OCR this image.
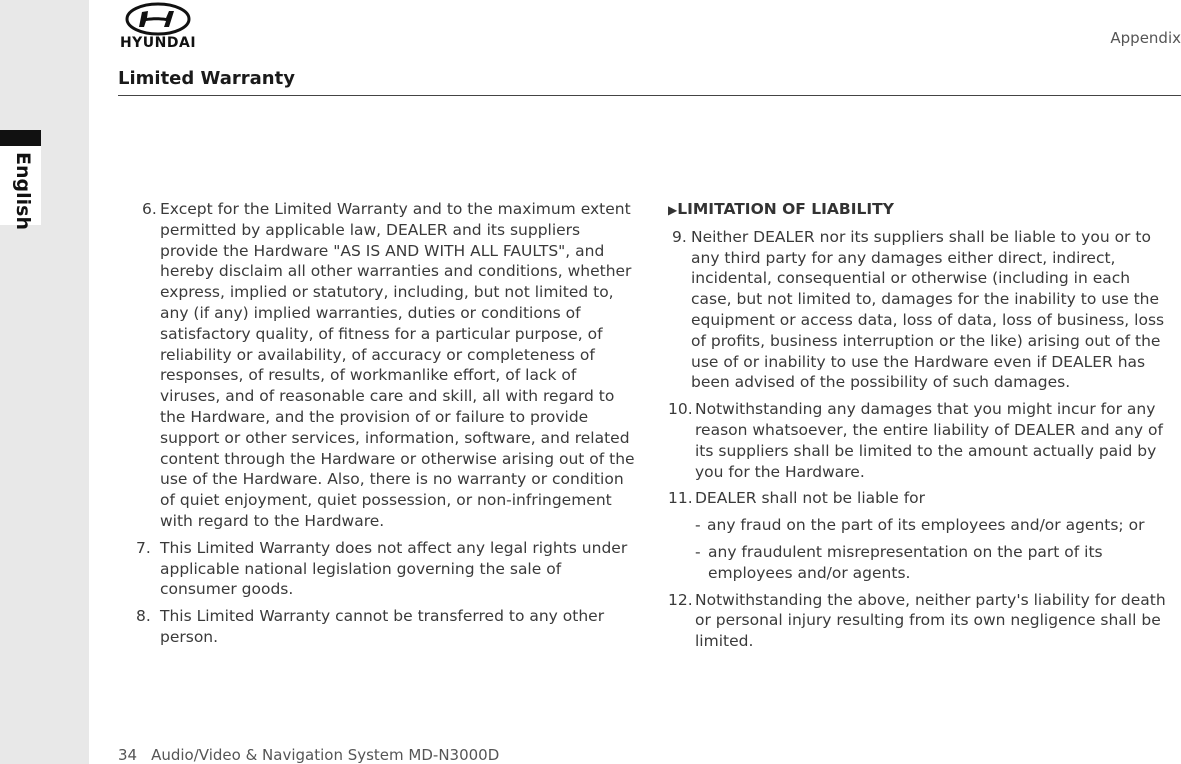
English
HYUNDAI	Appendix
Limited Warranty
6. Except for the Limited Warranty and to the maximum extent permitted by applicable law, DEALER and its suppliers provide the Hardware "AS IS AND WITH ALL FAULTS", and hereby disclaim all other warranties and conditions, whether express, implied or statutory, including, but not limited to, any (if any) implied warranties, duties or conditions of satisfactory quality, of fitness for a particular purpose, of reliability or availability, of accuracy or completeness of responses, of results, of workmanlike effort, of lack of viruses, and of reasonable care and skill, all with regard to the Hardware, and the provision of or failure to provide support or other services, information, software, and related content through the Hardware or otherwise arising out of the use of the Hardware. Also, there is no warranty or condition of quiet enjoyment, quiet possession, or non-infringement with regard to the Hardware.
7. This Limited Warranty does not affect any legal rights under applicable national legislation governing the sale of consumer goods.
8. This Limited Warranty cannot be transferred to any other person.
▶LIMITATION OF LIABILITY
9. Neither DEALER nor its suppliers shall be liable to you or to any third party for any damages either direct, indirect, incidental, consequential or otherwise (including in each case, but not limited to, damages for the inability to use the equipment or access data, loss of data, loss of business, loss of profits, business interruption or the like) arising out of the use of or inability to use the Hardware even if DEALER has been advised of the possibility of such damages.
10. Notwithstanding any damages that you might incur for any reason whatsoever, the entire liability of DEALER and any of its suppliers shall be limited to the amount actually paid by you for the Hardware.
11. DEALER shall not be liable for
- any fraud on the part of its employees and/or agents; or
- any fraudulent misrepresentation on the part of its employees and/or agents.
12. Notwithstanding the above, neither party's liability for death or personal injury resulting from its own negligence shall be limited.
34 Audio/Video & Navigation System MD-N3000D
